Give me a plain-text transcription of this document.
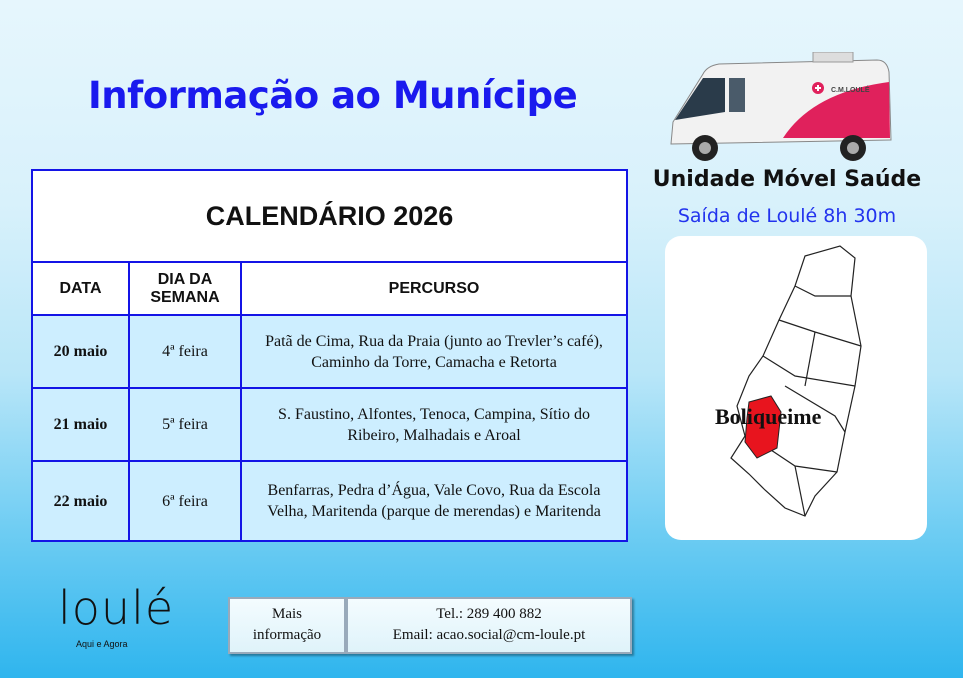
Informação ao Munícipe
CALENDÁRIO 2026		
DATA	DIA DA SEMANA	PERCURSO
20 maio	4ª feira	Patã de Cima, Rua da Praia (junto ao Trevler’s café), Caminho da Torre, Camacha e Retorta
21 maio	5ª feira	S. Faustino, Alfontes, Tenoca, Campina, Sítio do Ribeiro, Malhadais e Aroal
22 maio	6ª feira	Benfarras, Pedra d’Água, Vale Covo, Rua da Escola Velha, Maritenda (parque de merendas) e Maritenda
C.M.LOULÉ
Unidade Móvel Saúde
Saída de Loulé 8h 30m
Boliqueime
loulé
Aqui e Agora
Mais informação
Tel.: 289 400 882
Email: acao.social@cm-loule.pt
